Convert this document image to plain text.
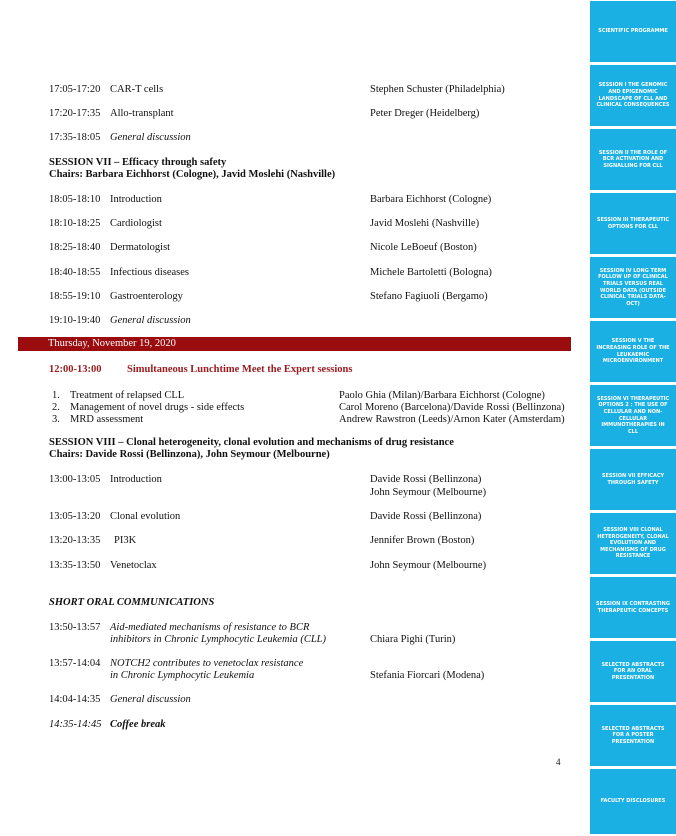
17:05-17:20 CAR-T cells	Stephen Schuster (Philadelphia)
17:20-17:35 Allo-transplant	Peter Dreger (Heidelberg)
17:35-18:05 General discussion
SESSION VII – Efficacy through safety
Chairs: Barbara Eichhorst (Cologne), Javid Moslehi (Nashville)
18:05-18:10 Introduction	Barbara Eichhorst (Cologne)
18:10-18:25 Cardiologist	Javid Moslehi (Nashville)
18:25-18:40 Dermatologist	Nicole LeBoeuf (Boston)
18:40-18:55 Infectious diseases	Michele Bartoletti (Bologna)
18:55-19:10 Gastroenterology	Stefano Fagiuoli (Bergamo)
19:10-19:40 General discussion
Thursday, November 19, 2020
12:00-13:00 Simultaneous Lunchtime Meet the Expert sessions
1. Treatment of relapsed CLL	Paolo Ghia (Milan)/Barbara Eichhorst (Cologne)
2. Management of novel drugs - side effects	Carol Moreno (Barcelona)/Davide Rossi (Bellinzona)
3. MRD assessment	Andrew Rawstron (Leeds)/Arnon Kater (Amsterdam)
SESSION VIII – Clonal heterogeneity, clonal evolution and mechanisms of drug resistance
Chairs: Davide Rossi (Bellinzona), John Seymour (Melbourne)
13:00-13:05 Introduction	Davide Rossi (Bellinzona)
John Seymour (Melbourne)
13:05-13:20 Clonal evolution	Davide Rossi (Bellinzona)
13:20-13:35 PI3K	Jennifer Brown (Boston)
13:35-13:50 Venetoclax	John Seymour (Melbourne)
SHORT ORAL COMMUNICATIONS
13:50-13:57 Aid-mediated mechanisms of resistance to BCR
inhibitors in Chronic Lymphocytic Leukemia (CLL)	Chiara Pighi (Turin)
13:57-14:04 NOTCH2 contributes to venetoclax resistance
in Chronic Lymphocytic Leukemia	Stefania Fiorcari (Modena)
14:04-14:35 General discussion
14:35-14:45 Coffee break
4
SCIENTIFIC PROGRAMME
SESSION I THE GENOMIC AND EPIGENOMIC LANDSCAPE OF CLL AND CLINICAL CONSEQUENCES
SESSION II THE ROLE OF BCR ACTIVATION AND SIGNALLING FOR CLL
SESSION III THERAPEUTIC OPTIONS FOR CLL
SESSION IV LONG TERM FOLLOW UP OF CLINICAL TRIALS VERSUS REAL WORLD DATA (OUTSIDE CLINICAL TRIALS DATA-OCT)
SESSION V THE INCREASING ROLE OF THE LEUKAEMIC MICROENVIRONMENT
SESSION VI THERAPEUTIC OPTIONS 2 : THE USE OF CELLULAR AND NON-CELLULAR IMMUNOTHERAPIES IN CLL
SESSION VII EFFICACY THROUGH SAFETY
SESSION VIII CLONAL HETEROGENEITY, CLONAL EVOLUTION AND MECHANISMS OF DRUG RESISTANCE
SESSION IX CONTRASTING THERAPEUTIC CONCEPTS
SELECTED ABSTRACTS FOR AN ORAL PRESENTATION
SELECTED ABSTRACTS FOR A POSTER PRESENTATION
FACULTY DISCLOSURES
